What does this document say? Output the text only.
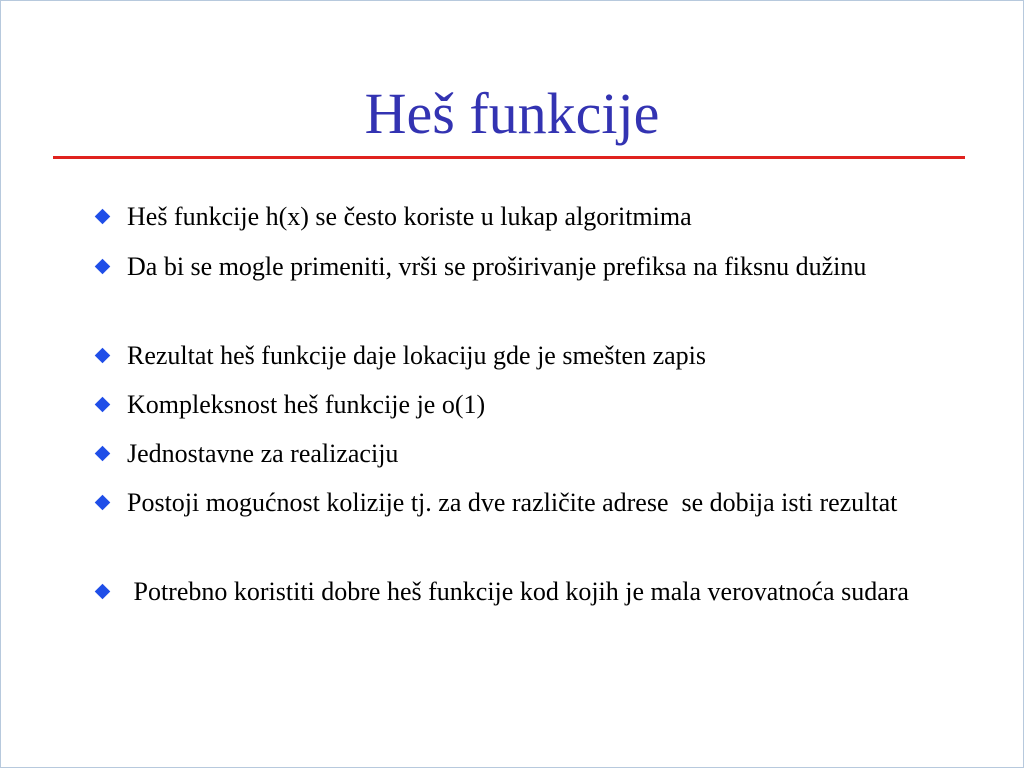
Heš funkcije
Heš funkcije h(x) se često koriste u lukap algoritmima
Da bi se mogle primeniti, vrši se proširivanje prefiksa na fiksnu dužinu
Rezultat heš funkcije daje lokaciju gde je smešten zapis
Kompleksnost heš funkcije je o(1)
Jednostavne za realizaciju
Postoji mogućnost kolizije tj. za dve različite adrese  se dobija isti rezultat
Potrebno koristiti dobre heš funkcije kod kojih je mala verovatnoća sudara
